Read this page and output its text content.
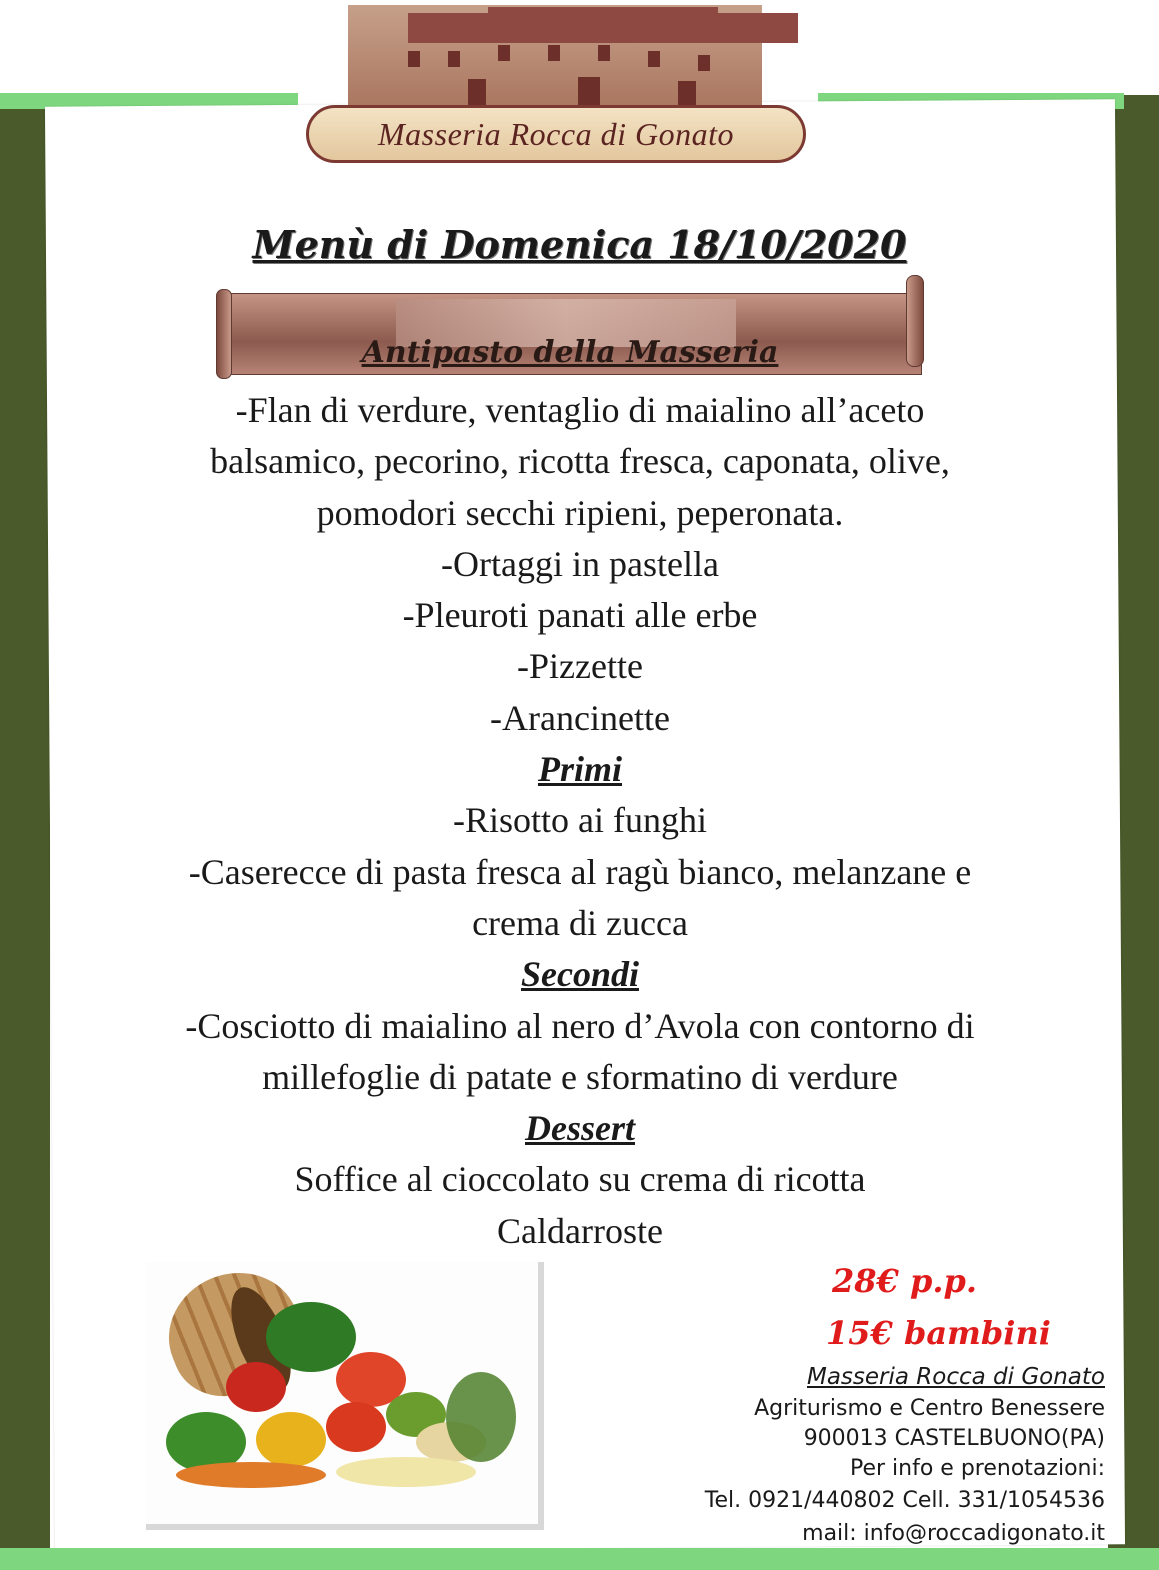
Masseria Rocca di Gonato
Menù di Domenica 18/10/2020
Antipasto della Masseria
-Flan di verdure, ventaglio di maialino all’aceto
balsamico, pecorino, ricotta fresca, caponata, olive,
pomodori secchi ripieni, peperonata.
-Ortaggi in pastella
-Pleuroti panati alle erbe
-Pizzette
-Arancinette
Primi
-Risotto ai funghi
-Caserecce di pasta fresca al ragù bianco, melanzane e
crema di zucca
Secondi
-Cosciotto di maialino al nero d’Avola con contorno di
millefoglie di patate e sformatino di verdure
Dessert
Soffice al cioccolato su crema di ricotta
Caldarroste
28€ p.p.
15€ bambini
Masseria Rocca di Gonato
Agriturismo e Centro Benessere
900013 CASTELBUONO(PA)
Per info e prenotazioni:
Tel. 0921/440802 Cell. 331/1054536
mail: info@roccadigonato.it
